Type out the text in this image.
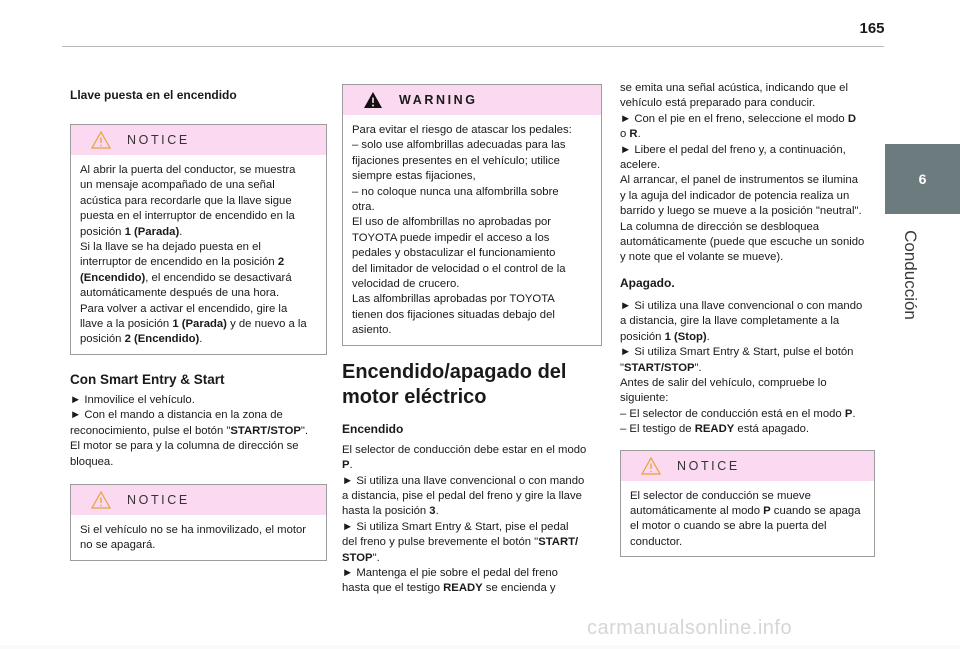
165
6
Conducción
Llave puesta en el encendido
NOTICE

Al abrir la puerta del conductor, se muestra

un mensaje acompañado de una señal

acústica para recordarle que la llave sigue

puesta en el interruptor de encendido en la

posición 1 (Parada).

Si la llave se ha dejado puesta en el

interruptor de encendido en la posición 2

(Encendido), el encendido se desactivará

automáticamente después de una hora.

Para volver a activar el encendido, gire la

llave a la posición 1 (Parada) y de nuevo a la

posición 2 (Encendido).

Con Smart Entry & Start

► Inmovilice el vehículo.

► Con el mando a distancia en la zona de

reconocimiento, pulse el botón "START/STOP".

El motor se para y la columna de dirección se

bloquea.

NOTICE

Si el vehículo no se ha inmovilizado, el motor

no se apagará.

WARNING

Para evitar el riesgo de atascar los pedales:

– solo use alfombrillas adecuadas para las

fijaciones presentes en el vehículo; utilice

siempre estas fijaciones,

– no coloque nunca una alfombrilla sobre

otra.

El uso de alfombrillas no aprobadas por

TOYOTA puede impedir el acceso a los

pedales y obstaculizar el funcionamiento

del limitador de velocidad o el control de la

velocidad de crucero.

Las alfombrillas aprobadas por TOYOTA

tienen dos fijaciones situadas debajo del

asiento.

Encendido/apagado del
motor eléctrico
Encendido

El selector de conducción debe estar en el modo

P.

► Si utiliza una llave convencional o con mando

a distancia, pise el pedal del freno y gire la llave

hasta la posición 3.

► Si utiliza Smart Entry & Start, pise el pedal

del freno y pulse brevemente el botón "START/

STOP".

► Mantenga el pie sobre el pedal del freno

hasta que el testigo READY se encienda y

se emita una señal acústica, indicando que el

vehículo está preparado para conducir.

► Con el pie en el freno, seleccione el modo D

o R.

► Libere el pedal del freno y, a continuación,

acelere.

Al arrancar, el panel de instrumentos se ilumina

y la aguja del indicador de potencia realiza un

barrido y luego se mueve a la posición "neutral".

La columna de dirección se desbloquea

automáticamente (puede que escuche un sonido

y note que el volante se mueve).

Apagado.

► Si utiliza una llave convencional o con mando

a distancia, gire la llave completamente a la

posición 1 (Stop).

► Si utiliza Smart Entry & Start, pulse el botón

"START/STOP".

Antes de salir del vehículo, compruebe lo

siguiente:

– El selector de conducción está en el modo P.

– El testigo de READY está apagado.

NOTICE

El selector de conducción se mueve

automáticamente al modo P cuando se apaga

el motor o cuando se abre la puerta del

conductor.

carmanualsonline.info
